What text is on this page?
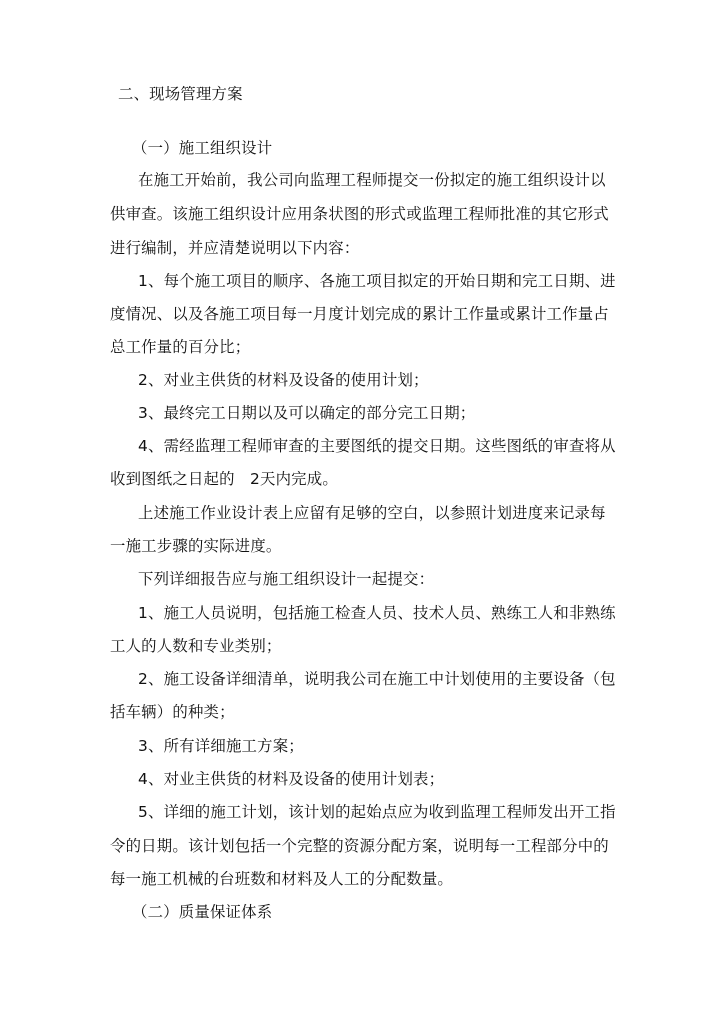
二、现场管理方案
（一）施工组织设计
在施工开始前，我公司向监理工程师提交一份拟定的施工组织设计以
供审查。该施工组织设计应用条状图的形式或监理工程师批准的其它形式
进行编制，并应清楚说明以下内容：
1、每个施工项目的顺序、各施工项目拟定的开始日期和完工日期、进
度情况、以及各施工项目每一月度计划完成的累计工作量或累计工作量占
总工作量的百分比；
2、对业主供货的材料及设备的使用计划；
3、最终完工日期以及可以确定的部分完工日期；
4、需经监理工程师审查的主要图纸的提交日期。这些图纸的审查将从
收到图纸之日起的   2天内完成。
上述施工作业设计表上应留有足够的空白，以参照计划进度来记录每
一施工步骤的实际进度。
下列详细报告应与施工组织设计一起提交：
1、施工人员说明，包括施工检查人员、技术人员、熟练工人和非熟练
工人的人数和专业类别；
2、施工设备详细清单，说明我公司在施工中计划使用的主要设备（包
括车辆）的种类；
3、所有详细施工方案；
4、对业主供货的材料及设备的使用计划表；
5、详细的施工计划，该计划的起始点应为收到监理工程师发出开工指
令的日期。该计划包括一个完整的资源分配方案，说明每一工程部分中的
每一施工机械的台班数和材料及人工的分配数量。
（二）质量保证体系
